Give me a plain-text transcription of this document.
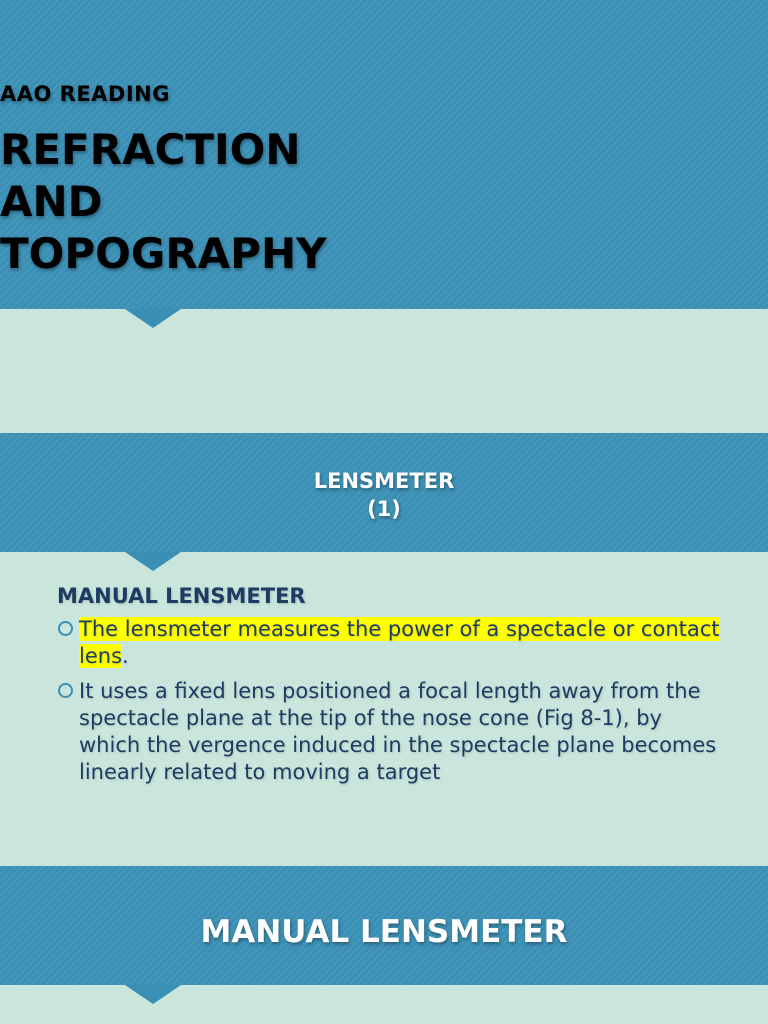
AAO READING
REFRACTION
AND
TOPOGRAPHY
LENSMETER
(1)
MANUAL LENSMETER
The lensmeter measures the power of a spectacle or contact lens.
It uses a fixed lens positioned a focal length away from the spectacle plane at the tip of the nose cone (Fig 8-1), by which the vergence induced in the spectacle plane becomes linearly related to moving a target
MANUAL LENSMETER
